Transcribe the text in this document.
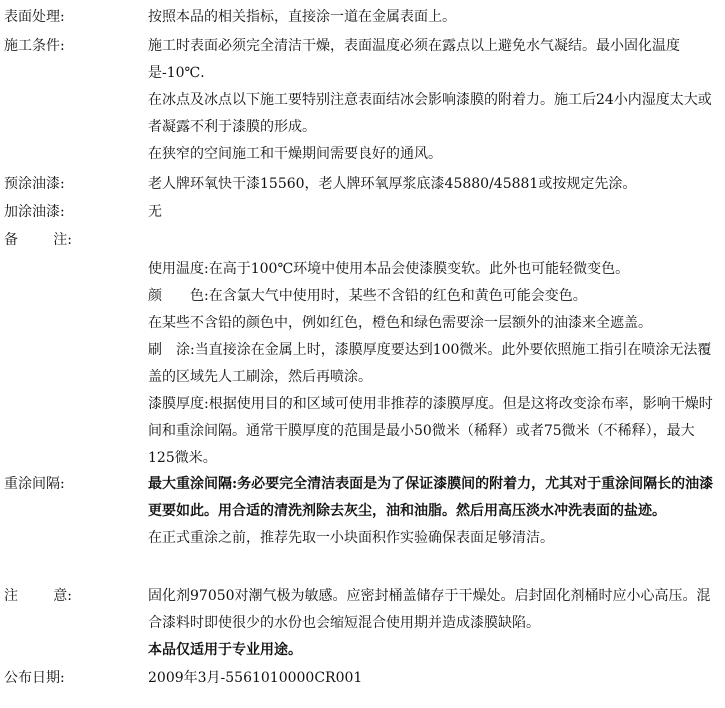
表面处理:	按照本品的相关指标，直接涂一道在金属表面上。

施工条件:	施工时表面必须完全清洁干燥，表面温度必须在露点以上避免水气凝结。最小固化温度是-10℃.

在冰点及冰点以下施工要特别注意表面结冰会影响漆膜的附着力。施工后24小内湿度太大或者凝露不利于漆膜的形成。

在狭窄的空间施工和干燥期间需要良好的通风。

预涂油漆:	老人牌环氧快干漆15560，老人牌环氧厚浆底漆45880/45881或按规定先涂。

加涂油漆:	无

备	注:

使用温度:在高于100℃环境中使用本品会使漆膜变软。此外也可能轻微变色。

颜　　色:在含氯大气中使用时，某些不含铅的红色和黄色可能会变色。

在某些不含铅的颜色中，例如红色，橙色和绿色需要涂一层额外的油漆来全遮盖。

刷　涂:当直接涂在金属上时，漆膜厚度要达到100微米。此外要依照施工指引在喷涂无法覆盖的区域先人工刷涂，然后再喷涂。

漆膜厚度:根据使用目的和区域可使用非推荐的漆膜厚度。但是这将改变涂布率，影响干燥时间和重涂间隔。通常干膜厚度的范围是最小50微米（稀释）或者75微米（不稀释），最大125微米。

重涂间隔:	最大重涂间隔:务必要完全清洁表面是为了保证漆膜间的附着力，尤其对于重涂间隔长的油漆更要如此。用合适的清洗剂除去灰尘，油和油脂。然后用高压淡水冲洗表面的盐迹。

在正式重涂之前，推荐先取一小块面积作实验确保表面足够清洁。

注	意:	固化剂97050对潮气极为敏感。应密封桶盖储存于干燥处。启封固化剂桶时应小心高压。混合漆料时即使很少的水份也会缩短混合使用期并造成漆膜缺陷。

本品仅适用于专业用途。

公布日期:	2009年3月-5561010000CR001
